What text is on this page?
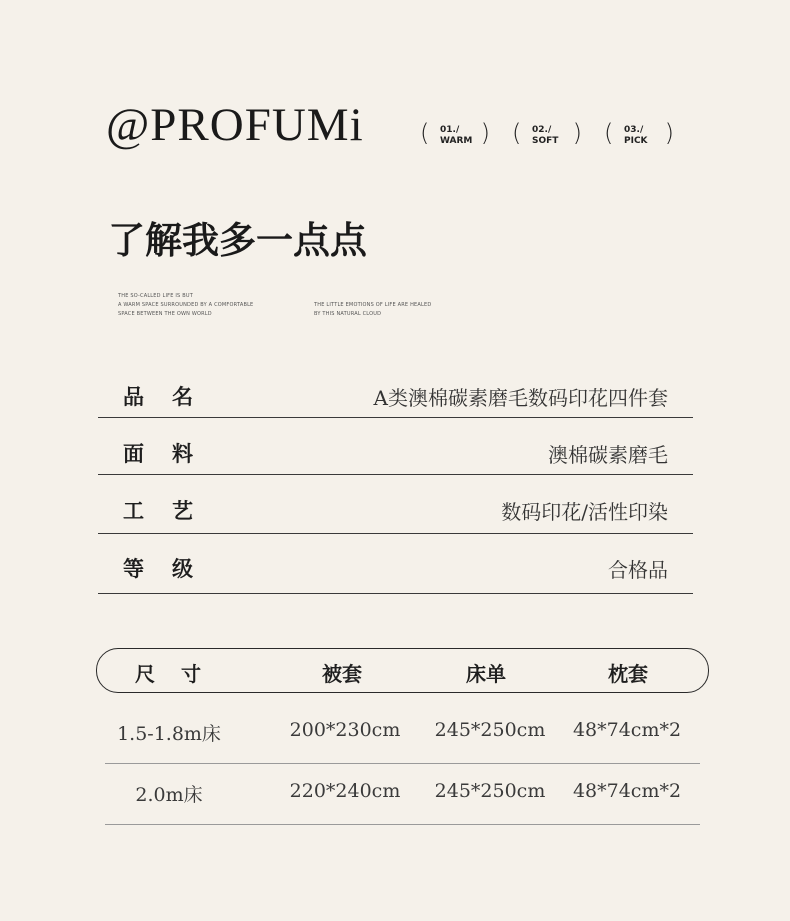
@PROFUMi ( 01./
WARM ) ( 02./
SOFT ) ( 03./
PICK )
了解我多一点点
THE SO-CALLED LIFE IS BUT
A WARM SPACE SURROUNDED BY A COMFORTABLE
SPACE BETWEEN THE OWN WORLD
THE LITTLE EMOTIONS OF LIFE ARE HEALED
BY THIS NATURAL CLOUD
品名	A类澳棉碳素磨毛数码印花四件套
面料	澳棉碳素磨毛
工艺	数码印花/活性印染
等级	合格品
尺寸	被套	床单	枕套
1.5-1.8m床	200*230cm 245*250cm 48*74cm*2
2.0m床	220*240cm 245*250cm 48*74cm*2
